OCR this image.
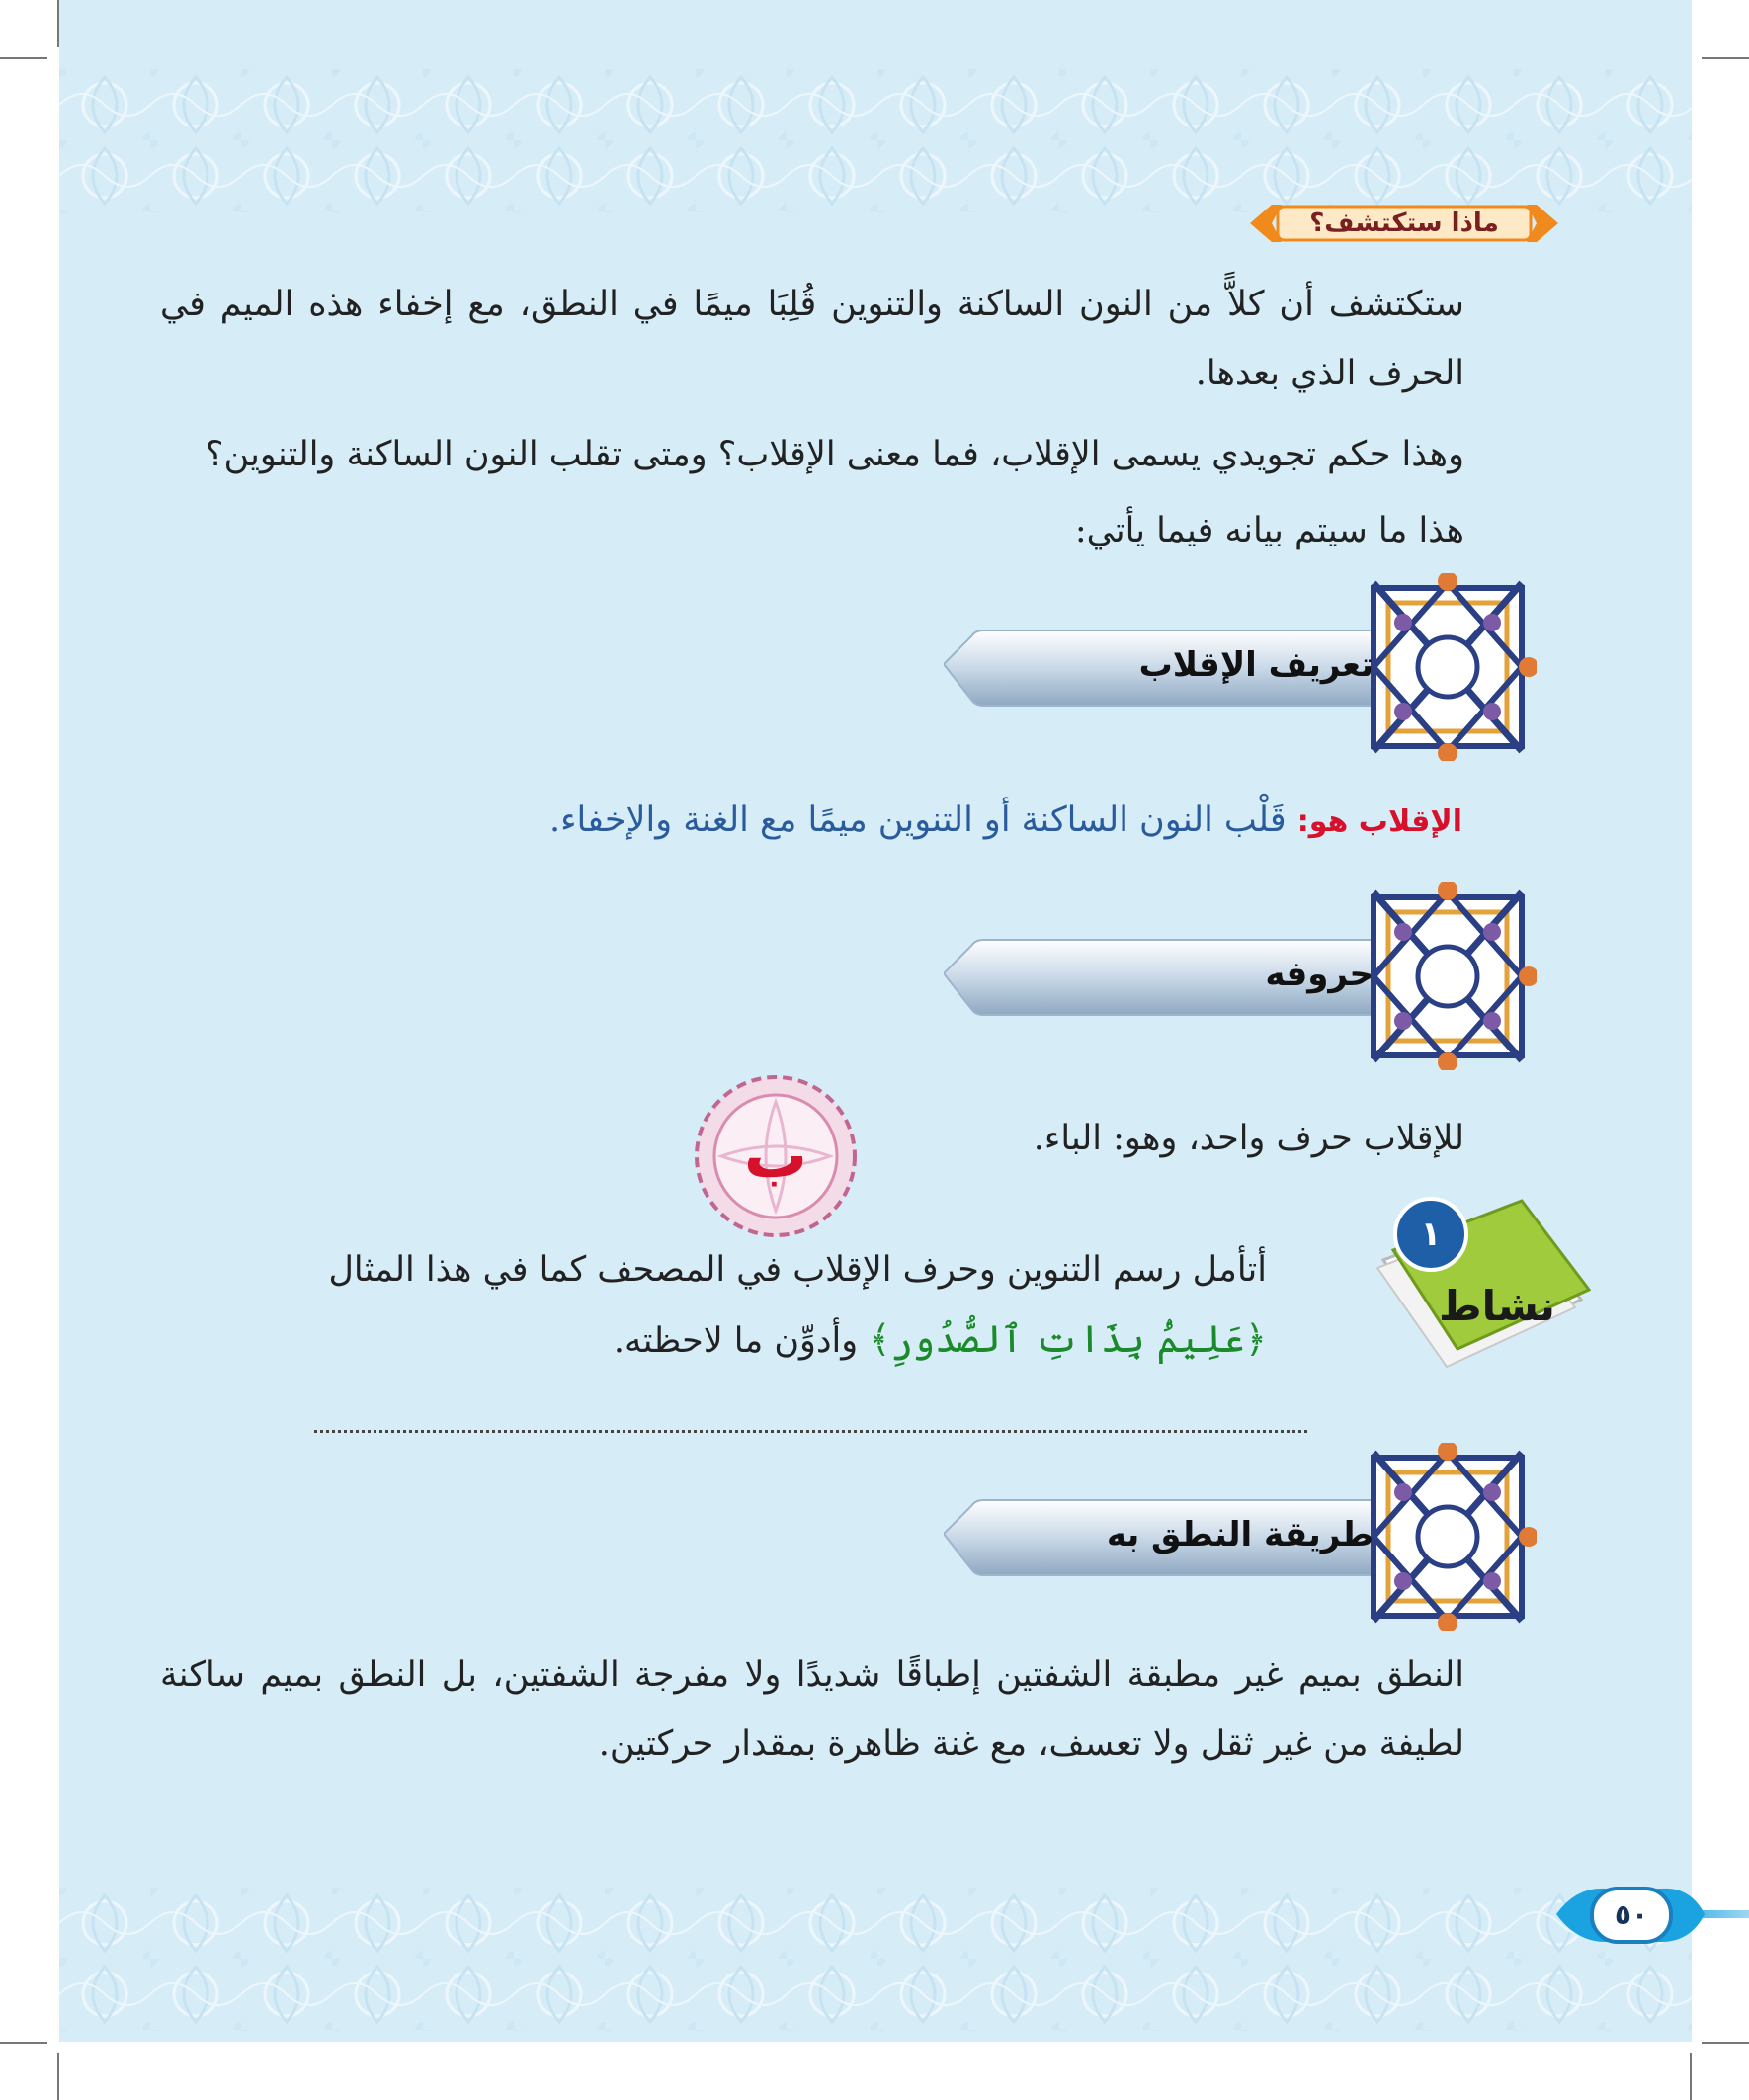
ماذا ستكتشف؟
ستكتشف أن كلاًّ من النون الساكنة والتنوين قُلِبَا ميمًا في النطق، مع إخفاء هذه الميم في الحرف الذي بعدها.
وهذا حكم تجويدي يسمى الإقلاب، فما معنى الإقلاب؟ ومتى تقلب النون الساكنة والتنوين؟
هذا ما سيتم بيانه فيما يأتي:
تعريف الإقلاب
الإقلاب هو: قَلْب النون الساكنة أو التنوين ميمًا مع الغنة والإخفاء.
حروفه
للإقلاب حرف واحد، وهو: الباء.
ب
١
نشاط
أتأمل رسم التنوين وحرف الإقلاب في المصحف كما في هذا المثال
﴿عَلِيمُۢ بِذَاتِ ٱلصُّدُورِ﴾ وأدوِّن ما لاحظته.
طريقة النطق به
النطق بميم غير مطبقة الشفتين إطباقًا شديدًا ولا مفرجة الشفتين، بل النطق بميم ساكنة لطيفة من غير ثقل ولا تعسف، مع غنة ظاهرة بمقدار حركتين.
٥٠
